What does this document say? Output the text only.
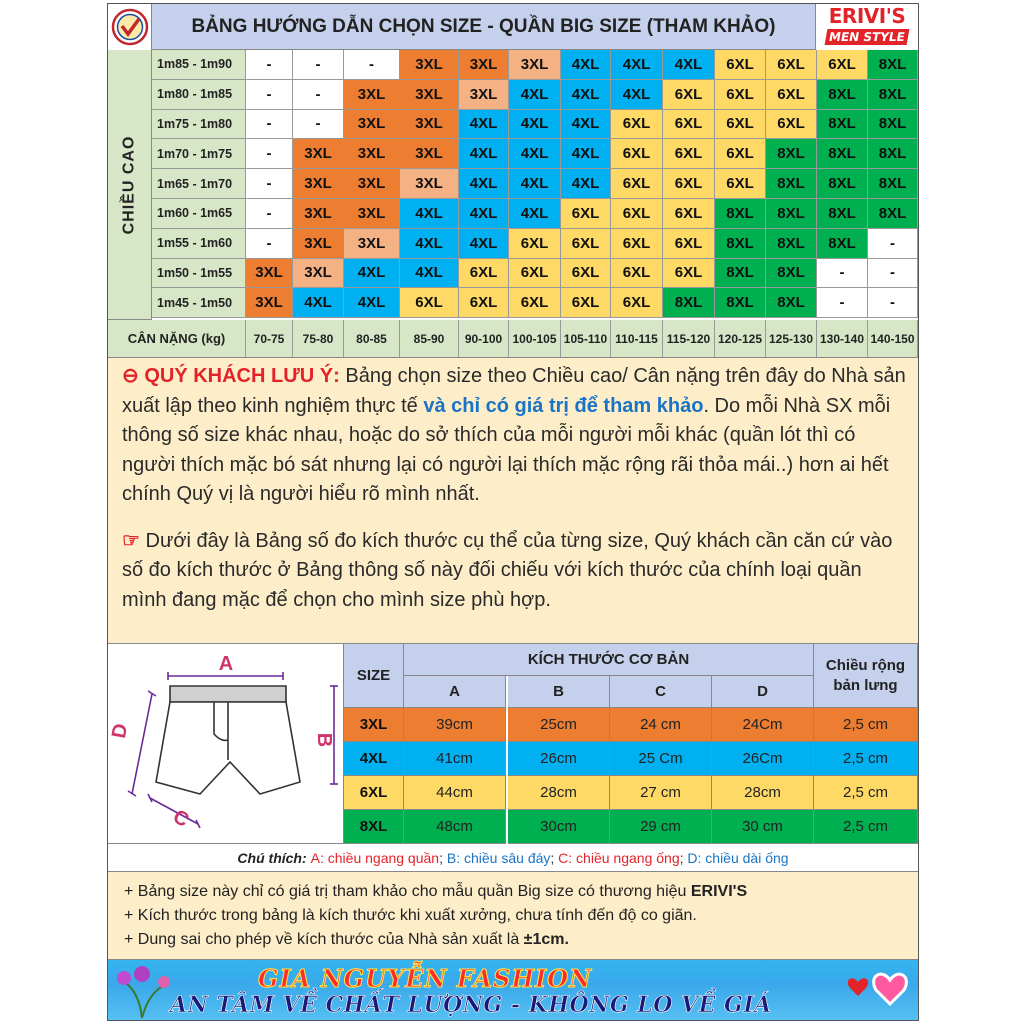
BẢNG HƯỚNG DẪN CHỌN SIZE - QUẦN BIG SIZE (THAM KHẢO)	ERIVI'S
MEN STYLE
CHIỀU CAO
CÂN NẶNG (kg)

⊖ QUÝ KHÁCH LƯU Ý: Bảng chọn size theo Chiều cao/ Cân nặng trên đây do Nhà sản xuất lập theo kinh nghiệm thực tế và chỉ có giá trị để tham khảo. Do mỗi Nhà SX mỗi thông số size khác nhau, hoặc do sở thích của mỗi người mỗi khác (quần lót thì có người thích mặc bó sát nhưng lại có người lại thích mặc rộng rãi thỏa mái..) hơn ai hết chính Quý vị là người hiểu rõ mình nhất.

☞ Dưới đây là Bảng số đo kích thước cụ thể của từng size, Quý khách cần căn cứ vào số đo kích thước ở Bảng thông số này đối chiếu với kích thước của chính loại quần mình đang mặc để chọn cho mình size phù hợp.

A
B
C
D
Chú thích: A: chiều ngang quần ; B: chiều sâu đáy ; C: chiều ngang ống ; D: chiều dài ống
+ Bảng size này chỉ có giá trị tham khảo cho mẫu quần Big size có thương hiệu ERIVI'S
+ Kích thước trong bảng là kích thước khi xuất xưởng, chưa tính đến độ co giãn.
+ Dung sai cho phép về kích thước của Nhà sản xuất là ±1cm.
GIA NGUYỄN FASHION
AN TÂM VỀ CHẤT LƯỢNG - KHÔNG LO VỀ GIÁ
1m85 - 1m90	-	-	-	3XL	3XL	3XL	4XL	4XL	4XL	6XL	6XL	6XL	8XL
1m80 - 1m85	-	-	3XL	3XL	3XL	4XL	4XL	4XL	6XL	6XL	6XL	8XL	8XL
1m75 - 1m80	-	-	3XL	3XL	4XL	4XL	4XL	6XL	6XL	6XL	6XL	8XL	8XL
1m70 - 1m75	-	3XL	3XL	3XL	4XL	4XL	4XL	6XL	6XL	6XL	8XL	8XL	8XL
1m65 - 1m70	-	3XL	3XL	3XL	4XL	4XL	4XL	6XL	6XL	6XL	8XL	8XL	8XL
1m60 - 1m65	-	3XL	3XL	4XL	4XL	4XL	6XL	6XL	6XL	8XL	8XL	8XL	8XL
1m55 - 1m60	-	3XL	3XL	4XL	4XL	6XL	6XL	6XL	6XL	8XL	8XL	8XL	-
1m50 - 1m55	3XL	3XL	4XL	4XL	6XL	6XL	6XL	6XL	6XL	8XL	8XL	-	-
1m45 - 1m50	3XL	4XL	4XL	6XL	6XL	6XL	6XL	6XL	8XL	8XL	8XL	-	-
70-75	75-80	80-85	85-90	90-100 100-105 105-110 110-115 115-120 120-125 125-130 130-140 140-150
SIZE
KÍCH THƯỚC CƠ BẢN
A	B	C	D
Chiều rộng bản lưng
3XL	39cm	25cm	24 cm	24Cm	2,5 cm
4XL	41cm	26cm	25 Cm	26Cm	2,5 cm
6XL	44cm	28cm	27 cm	28cm	2,5 cm
8XL	48cm	30cm	29 cm	30 cm	2,5 cm
